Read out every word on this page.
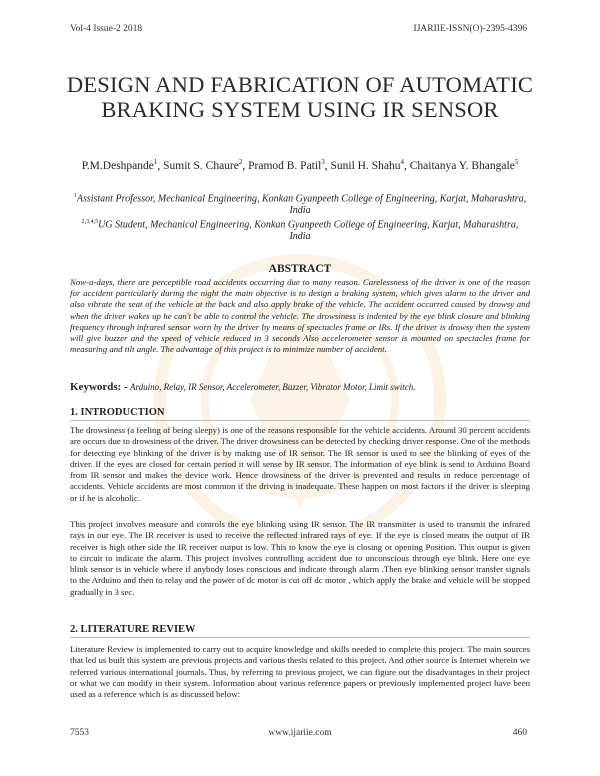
Vol-4 Issue-2 2018	IJARIIE-ISSN(O)-2395-4396
DESIGN AND FABRICATION OF AUTOMATIC BRAKING SYSTEM USING IR SENSOR
P.M.Deshpande$^1$, Sumit S. Chaure$^2$, Pramod B. Patil$^3$, Sunil H. Shahu$^4$, Chaitanya Y. Bhangale$^5$
$^1$Assistant Professor, Mechanical Engineering, Konkan Gyanpeeth College of Engineering, Karjat, Maharashtra, India
$^{2,3,4,5}$UG Student, Mechanical Engineering, Konkan Gyanpeeth College of Engineering, Karjat, Maharashtra, India
ABSTRACT
Now-a-days, there are perceptible road accidents occurring due to many reason. Carelessness of the driver is one of the reason for accident particularly during the night the main objective is to design a braking system, which gives alarm to the driver and also vibrate the seat of the vehicle at the back and also apply brake of the vehicle. The accident occurred caused by drowsy and when the driver wakes up he can't be able to control the vehicle. The drowsiness is indented by the eye blink closure and blinking frequency through infrared sensor worn by the driver by means of spectacles frame or IRs. If the driver is drowsy then the system will give buzzer and the speed of vehicle reduced in 3 seconds Also accelerometer sensor is mounted on spectacles frame for measuring and tilt angle. The advantage of this project is to minimize number of accident.
Keywords: - Arduino, Relay, IR Sensor, Accelerometer, Buzzer, Vibrator Motor, Limit switch.
1. INTRODUCTION
The drowsiness (a feeling of being sleepy) is one of the reasons responsible for the vehicle accidents. Around 30 percent accidents are occurs due to drowsiness of the driver. The driver drowsiness can be detected by checking driver response. One of the methods for detecting eye blinking of the driver is by making use of IR sensor. The IR sensor is used to see the blinking of eyes of the driver. If the eyes are closed for certain period it will sense by IR sensor. The information of eye blink is send to Arduino Board from IR sensor and makes the device work. Hence drowsiness of the driver is prevented and results in reduce percentage of accidents. Vehicle accidents are most common if the driving is inadequate. These happen on most factors if the driver is sleeping or if he is alcoholic.
This project involves measure and controls the eye blinking using IR sensor. The IR transmitter is used to transmit the infrared rays in our eye. The IR receiver is used to receive the reflected infrared rays of eye. If the eye is closed means the output of IR receiver is high other side the IR receiver output is low. This to know the eye is closing or opening Position. This output is given to circuit to indicate the alarm. This project involves controlling accident due to unconscious through eye blink. Here one eye blink sensor is in vehicle where if anybody loses conscious and indicate through alarm .Then eye blinking sensor transfer signals to the Arduino and then to relay and the power of dc motor is cut off dc motor , which apply the brake and vehicle will be stopped gradually in 3 sec.
2. LITERATURE REVIEW
Literature Review is implemented to carry out to acquire knowledge and skills needed to complete this project. The main sources that led us built this system are previous projects and various thesis related to this project. And other source is Internet wherein we referred various international journals. Thus, by referring to previous project, we can figure out the disadvantages in their project or what we can modify in their system. Information about various reference papers or previously implemented project have been used as a reference which is as discussed below:
7553	www.ijariie.com	460
